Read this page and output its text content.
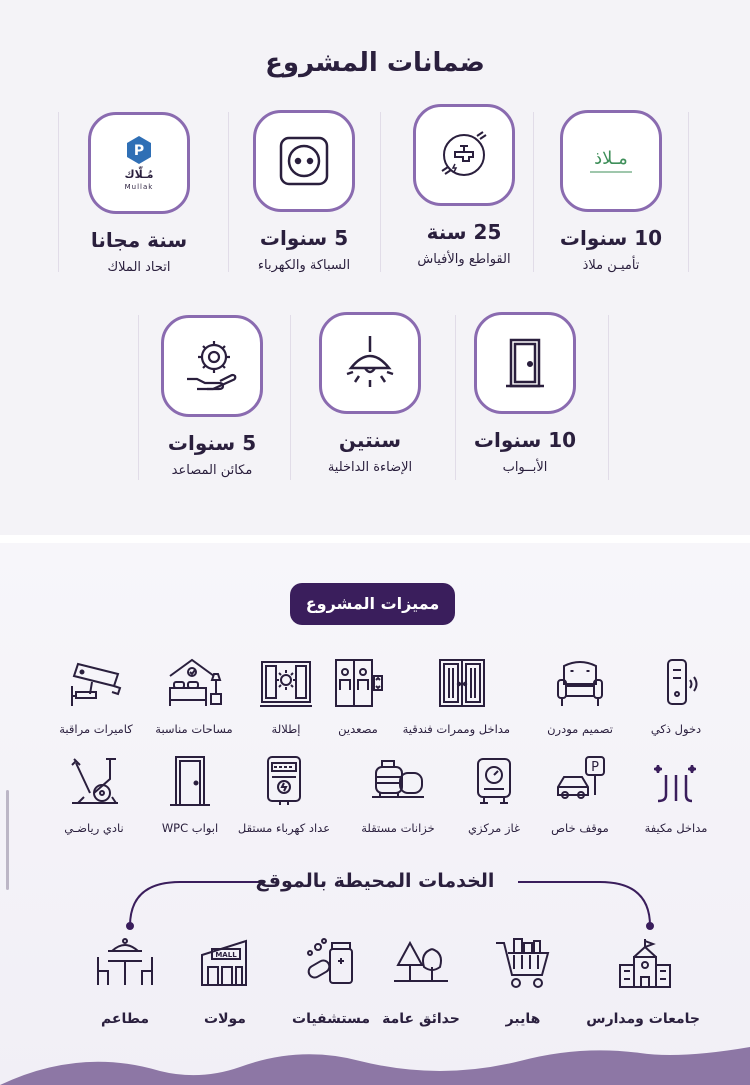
ضمانات المشروع
مـلاذ
10 سنوات
تأميـن ملاذ
25 سنة
القواطع والأفياش
5 سنوات
السباكة والكهرباء
P
مُـلّاك
Mullak
سنة مجانا
اتحاد الملاك
10 سنوات
الأبــواب
سنتين
الإضاءة الداخلية
5 سنوات
مكائن المصاعد
مميزات المشروع
دخول ذكي
تصميم مودرن
مداخل وممرات فندقية
مصعدين
إطلالة
مساحات مناسبة
كاميرات مراقبة
مداخل مكيفة
P
موقف خاص
غاز مركزي
خزانات مستقلة
عداد كهرباء مستقل
ابواب WPC
نادي رياضـي
الخدمات المحيطة بالموقع
جامعات ومدارس
هايبر
حدائق عامة
مستشفيات
MALL
مولات
مطاعم
